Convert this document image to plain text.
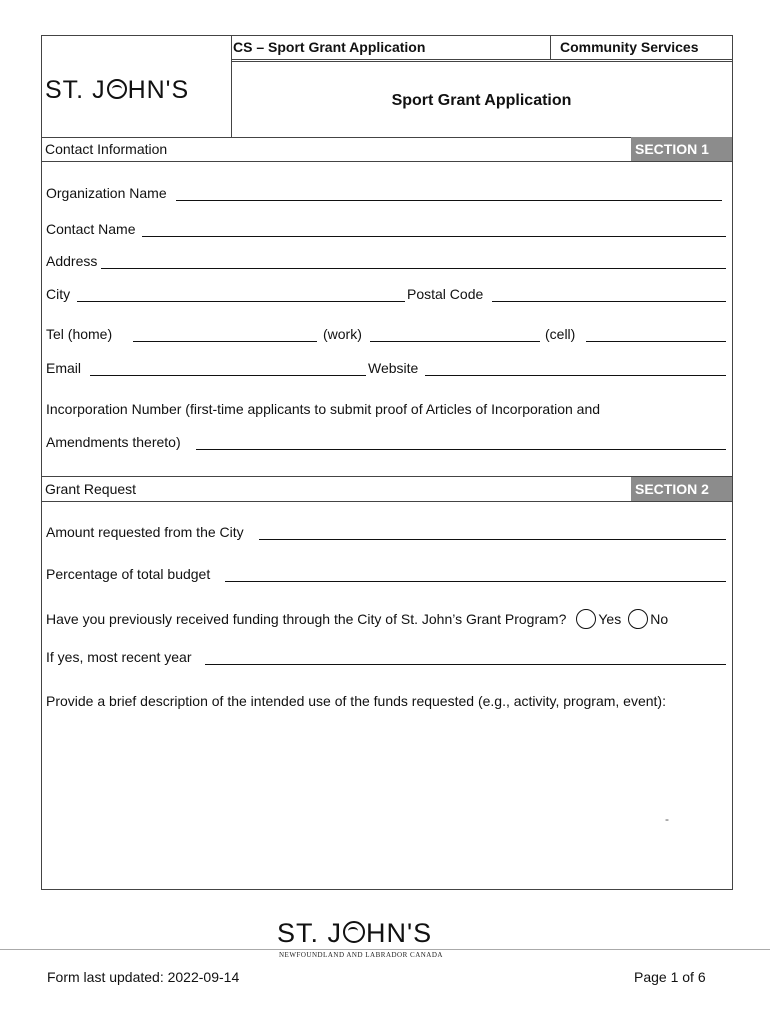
ST. J HN'S
CS – Sport Grant Application	Community Services
Sport Grant Application
Contact Information	SECTION 1
Organization Name
Contact Name
Address
City	Postal Code
Tel (home)	(work)	(cell)
Email	Website
Incorporation Number (first-time applicants to submit proof of Articles of Incorporation and
Amendments thereto)
Grant Request	SECTION 2
Amount requested from the City
Percentage of total budget
Have you previously received funding through the City of St. John’s Grant Program? Yes No
If yes, most recent year
Provide a brief description of the intended use of the funds requested (e.g., activity, program, event):
-
ST. J HN'S
NEWFOUNDLAND AND LABRADOR CANADA
Form last updated: 2022-09-14	Page 1 of 6
